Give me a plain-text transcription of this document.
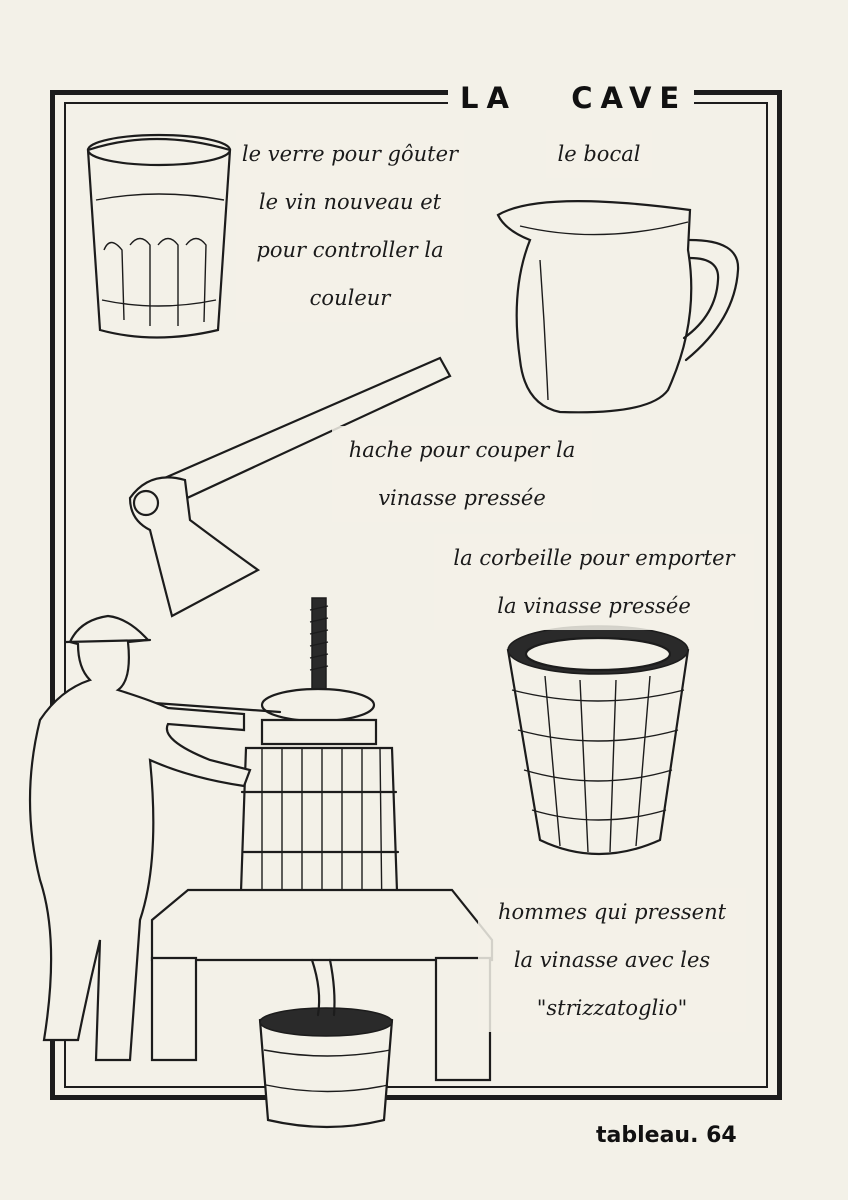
LA   CAVE
le verre pour gôuter
le vin nouveau et
pour controller la
couleur
le bocal
hache pour couper la
vinasse pressée
la corbeille pour emporter
la vinasse pressée
hommes qui pressent
la vinasse avec les
"strizzatoglio"
tableau. 64
